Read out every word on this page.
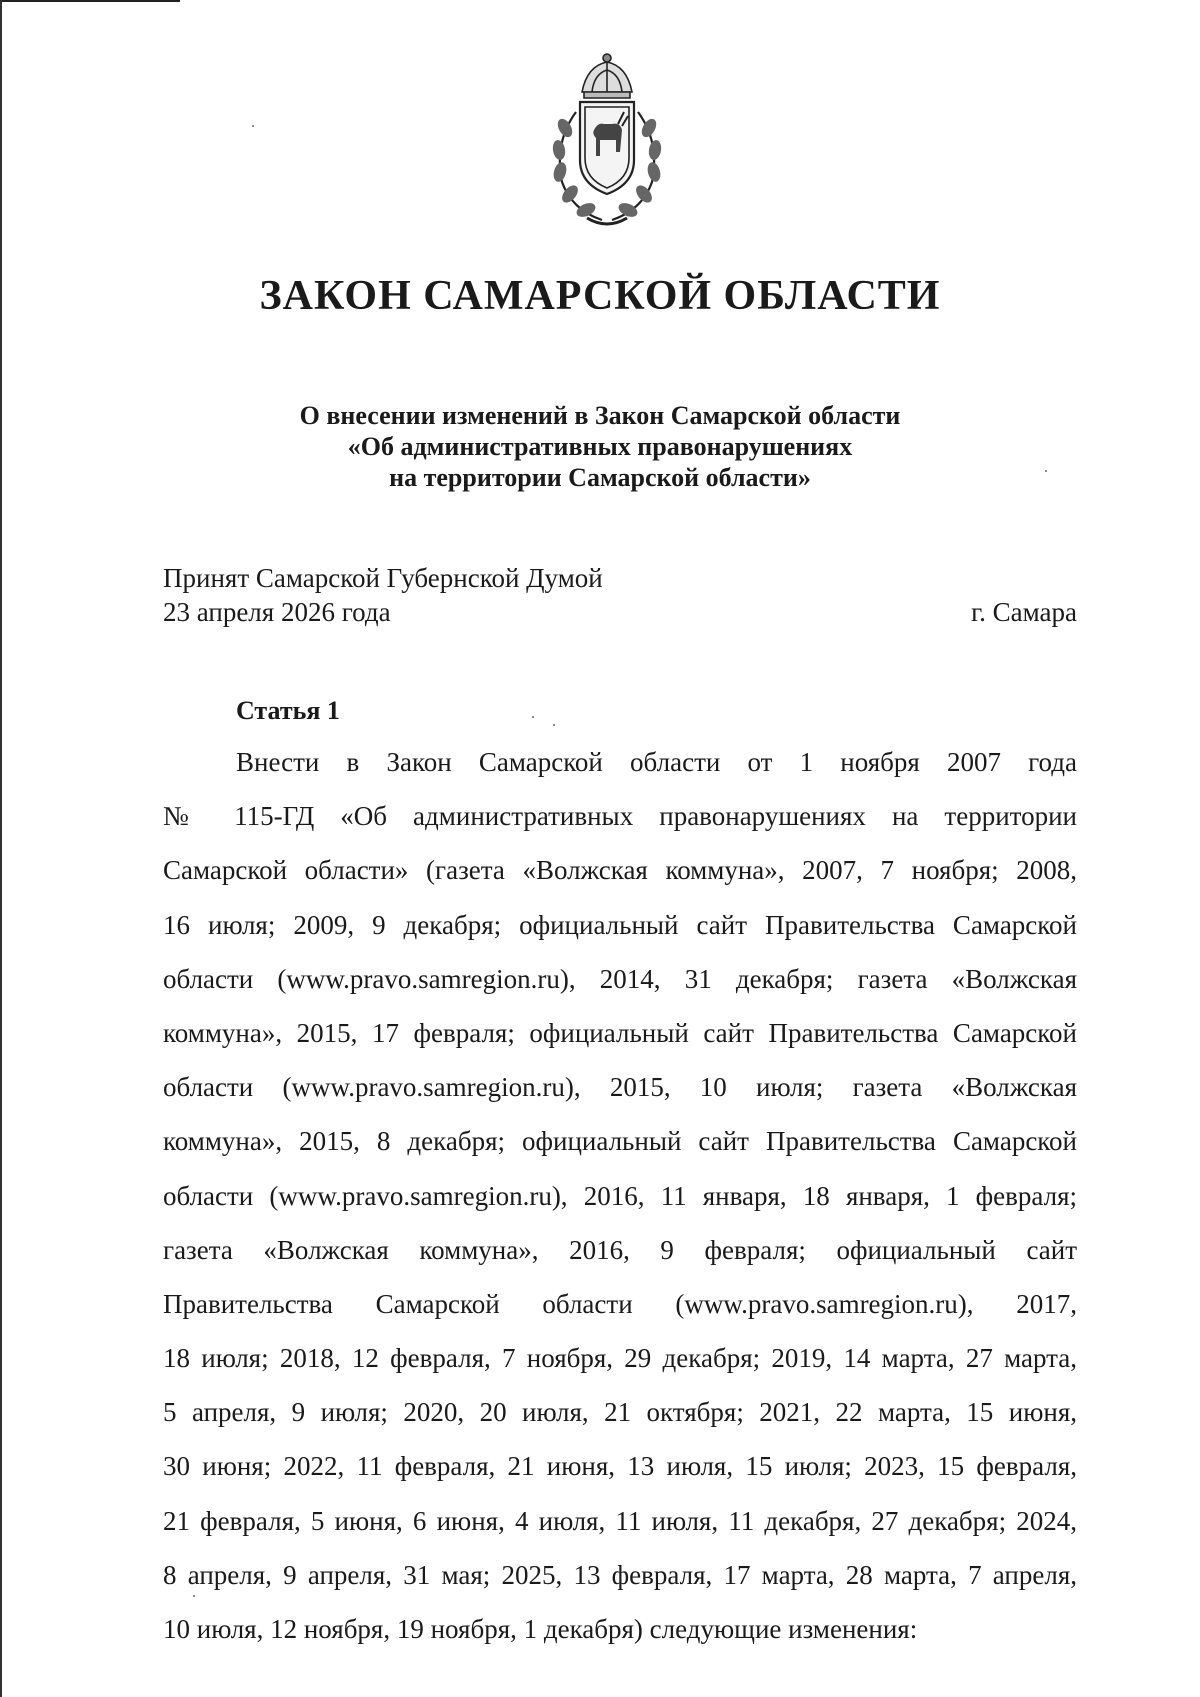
ЗАКОН САМАРСКОЙ ОБЛАСТИ
О внесении изменений в Закон Самарской области
«Об административных правонарушениях
на территории Самарской области»
Принят Самарской Губернской Думой
23 апреля 2026 года	г. Самара
Статья 1
Внести в Закон Самарской области от 1 ноября 2007 года
№ 115-ГД «Об административных правонарушениях на территории
Самарской области» (газета «Волжская коммуна», 2007, 7 ноября; 2008,
16 июля; 2009, 9 декабря; официальный сайт Правительства Самарской
области (www.pravo.samregion.ru), 2014, 31 декабря; газета «Волжская
коммуна», 2015, 17 февраля; официальный сайт Правительства Самарской
области (www.pravo.samregion.ru), 2015, 10 июля; газета «Волжская
коммуна», 2015, 8 декабря; официальный сайт Правительства Самарской
области (www.pravo.samregion.ru), 2016, 11 января, 18 января, 1 февраля;
газета «Волжская коммуна», 2016, 9 февраля; официальный сайт
Правительства Самарской области (www.pravo.samregion.ru), 2017,
18 июля; 2018, 12 февраля, 7 ноября, 29 декабря; 2019, 14 марта, 27 марта,
5 апреля, 9 июля; 2020, 20 июля, 21 октября; 2021, 22 марта, 15 июня,
30 июня; 2022, 11 февраля, 21 июня, 13 июля, 15 июля; 2023, 15 февраля,
21 февраля, 5 июня, 6 июня, 4 июля, 11 июля, 11 декабря, 27 декабря; 2024,
8 апреля, 9 апреля, 31 мая; 2025, 13 февраля, 17 марта, 28 марта, 7 апреля,
10 июля, 12 ноября, 19 ноября, 1 декабря) следующие изменения:
